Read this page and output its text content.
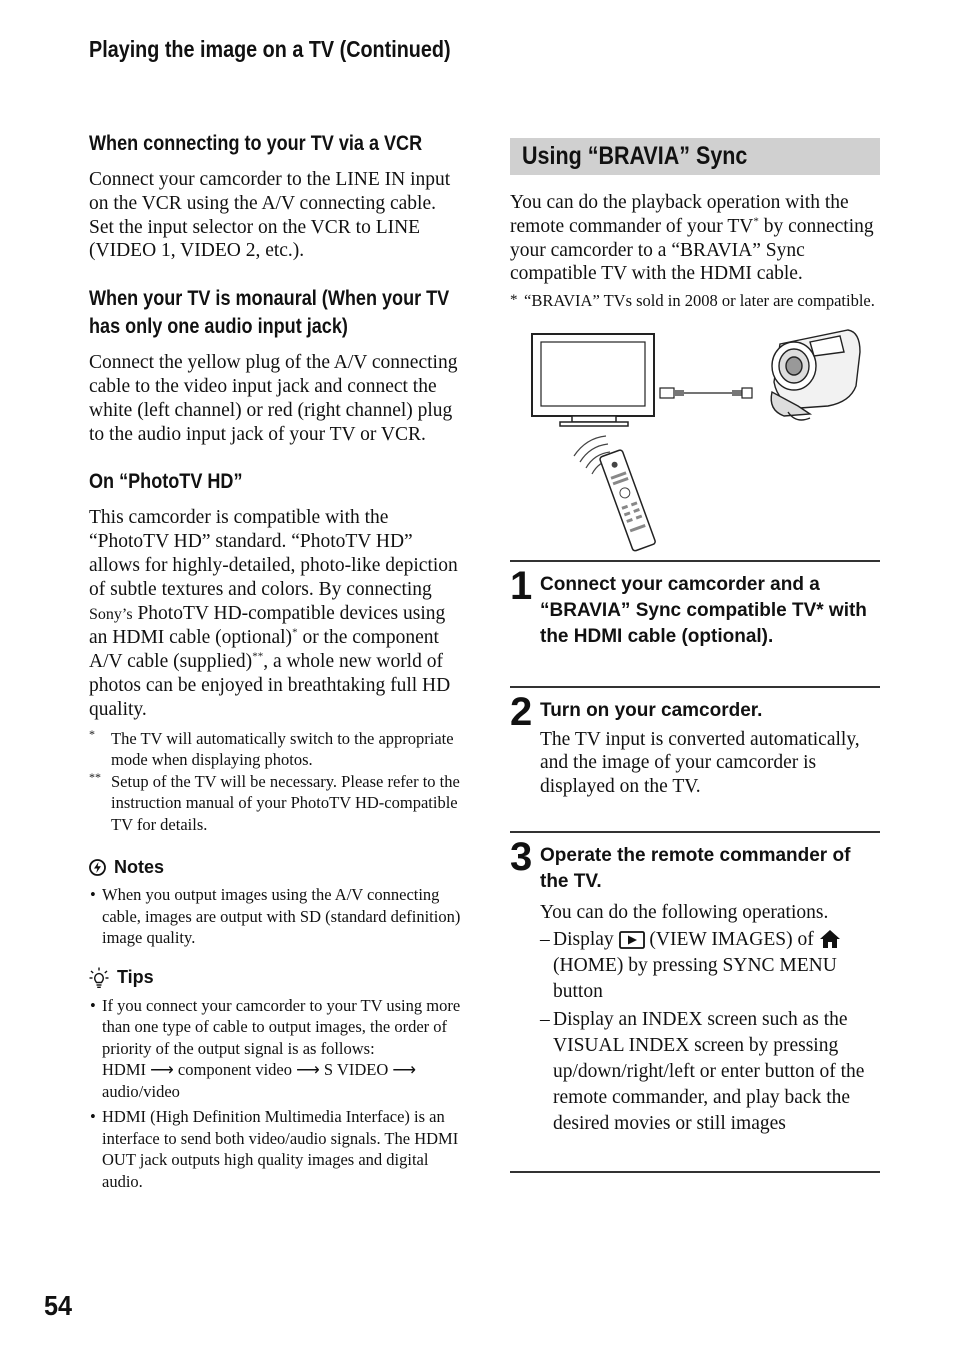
Playing the image on a TV (Continued)
When connecting to your TV via a VCR

Connect your camcorder to the LINE IN input on the VCR using the A/V connecting cable. Set the input selector on the VCR to LINE (VIDEO 1, VIDEO 2, etc.).

When your TV is monaural (When your TV has only one audio input jack)

Connect the yellow plug of the A/V connecting cable to the video input jack and connect the white (left channel) or red (right channel) plug to the audio input jack of your TV or VCR.

On “PhotoTV HD”

This camcorder is compatible with the “PhotoTV HD” standard. “PhotoTV HD” allows for highly-detailed, photo-like depiction of subtle textures and colors. By connecting Sony’s PhotoTV HD-compatible devices using an HDMI cable (optional)* or the component A/V cable (supplied)**, a whole new world of photos can be enjoyed in breathtaking full HD quality.

* The TV will automatically switch to the appropriate mode when displaying photos.
** Setup of the TV will be necessary. Please refer to the instruction manual of your PhotoTV HD-compatible TV for details.
Notes
• When you output images using the A/V connecting cable, images are output with SD (standard definition) image quality.
Tips
• If you connect your camcorder to your TV using more than one type of cable to output images, the order of priority of the output signal is as follows:
HDMI ⟶ component video ⟶ S VIDEO ⟶ audio/video
• HDMI (High Definition Multimedia Interface) is an interface to send both video/audio signals. The HDMI OUT jack outputs high quality images and digital audio.
Using “BRAVIA” Sync

You can do the playback operation with the remote commander of your TV* by connecting your camcorder to a “BRAVIA” Sync compatible TV with the HDMI cable.

* “BRAVIA” TVs sold in 2008 or later are compatible.
1 Connect your camcorder and a “BRAVIA” Sync compatible TV* with the HDMI cable (optional).
2 Turn on your camcorder.

The TV input is converted automatically, and the image of your camcorder is displayed on the TV.

3 Operate the remote commander of the TV.

You can do the following operations.

– Display  (VIEW IMAGES) of  (HOME) by pressing SYNC MENU button
– Display an INDEX screen such as the VISUAL INDEX screen by pressing up/down/right/left or enter button of the remote commander, and play back the desired movies or still images
54
